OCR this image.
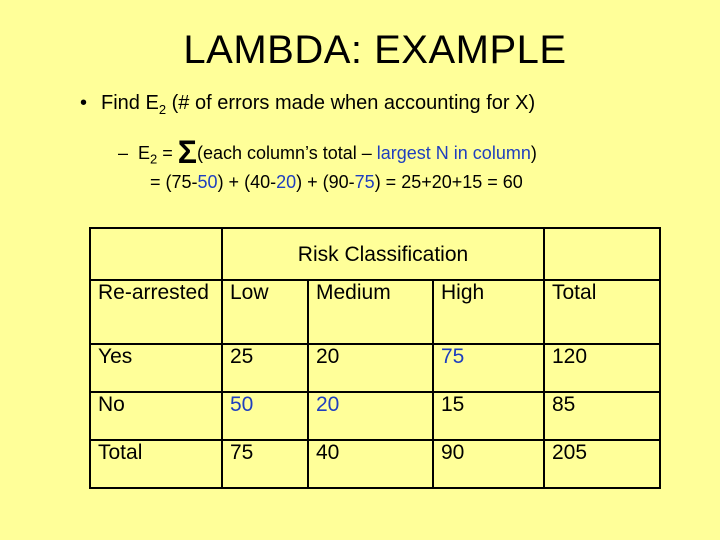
LAMBDA: EXAMPLE
• Find $E_2$ (# of errors made when accounting for X)
– $E_2$ = Σ(each column’s total – largest N in column)
= (75-50) + (40-20) + (90-75) = 25+20+15 = 60
	Risk Classification			
Re-arrested	Low	Medium	High	Total
Yes	25	20	75	120
No	50	20	15	85
Total	75	40	90	205
